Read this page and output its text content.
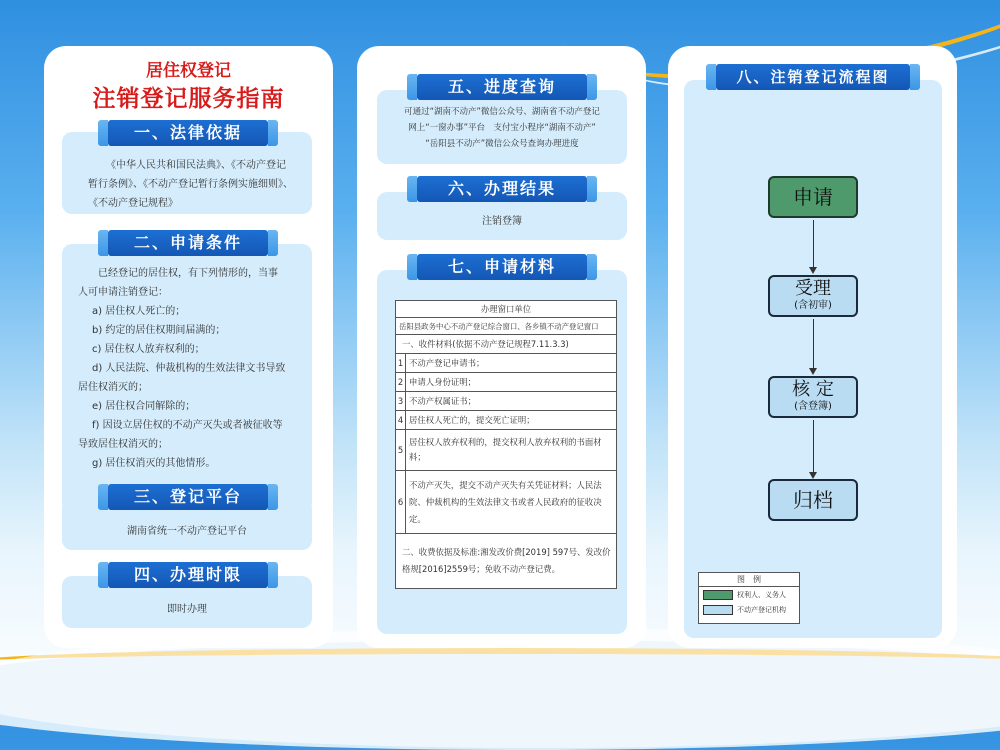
居住权登记
注销登记服务指南
一、法律依据
《中华人民共和国民法典》、《不动产登记
暂行条例》、《不动产登记暂行条例实施细则》、
《不动产登记规程》
二、申请条件
已经登记的居住权，有下列情形的，当事
人可申请注销登记：
a) 居住权人死亡的；
b) 约定的居住权期间届满的；
c) 居住权人放弃权利的；
d) 人民法院、仲裁机构的生效法律文书导致
居住权消灭的；
e) 居住权合同解除的；
f) 因设立居住权的不动产灭失或者被征收等
导致居住权消灭的；
g) 居住权消灭的其他情形。
三、登记平台
湖南省统一不动产登记平台
四、办理时限
即时办理
五、进度查询
可通过“湖南不动产”微信公众号、湖南省不动产登记
网上“一窗办事”平台　支付宝小程序“湖南不动产”
“岳阳县不动产”微信公众号查询办理进度
六、办理结果
注销登簿
七、申请材料
办理窗口单位	
岳阳县政务中心不动产登记综合窗口、各乡镇不动产登记窗口	
一、收件材料(依据不动产登记规程7.11.3.3)	
1	不动产登记申请书；
2	申请人身份证明；
3	不动产权属证书；
4	居住权人死亡的，提交死亡证明；
5	居住权人放弃权利的，提交权利人放弃权利的书面材料；
6	不动产灭失，提交不动产灭失有关凭证材料；人民法院、仲裁机构的生效法律文书或者人民政府的征收决定。
二、收费依据及标准:湘发改价费[2019] 597号、发改价格规[2016]2559号；免收不动产登记费。	
八、注销登记流程图
申请
受理
(含初审)
核 定
(含登簿)
归档
图　例
权利人、义务人
不动产登记机构
